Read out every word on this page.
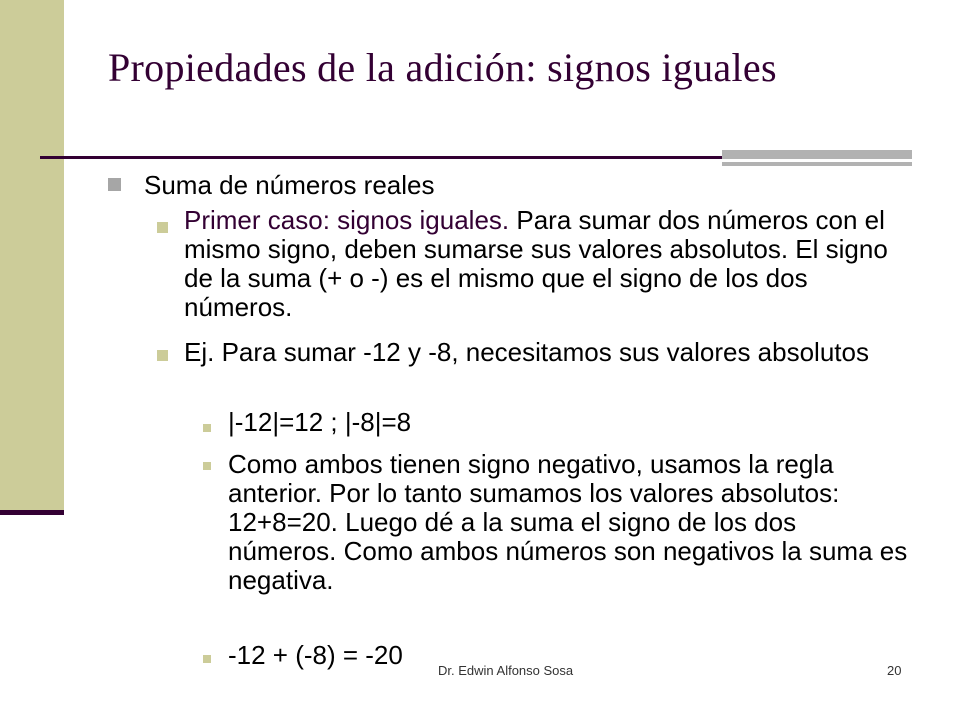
Propiedades de la adición: signos iguales
Suma de números reales
Primer caso: signos iguales. Para sumar dos números con el mismo signo, deben sumarse sus valores absolutos. El signo de la suma (+ o -) es el mismo que el signo de los dos números.
Ej. Para sumar -12 y -8, necesitamos sus valores absolutos
|-12|=12 ; |-8|=8
Como ambos tienen signo negativo, usamos la regla anterior. Por lo tanto sumamos los valores absolutos: 12+8=20. Luego dé a la suma el signo de los dos números. Como ambos números son negativos la suma es negativa.
-12 + (-8) = -20
Dr. Edwin Alfonso Sosa	20
